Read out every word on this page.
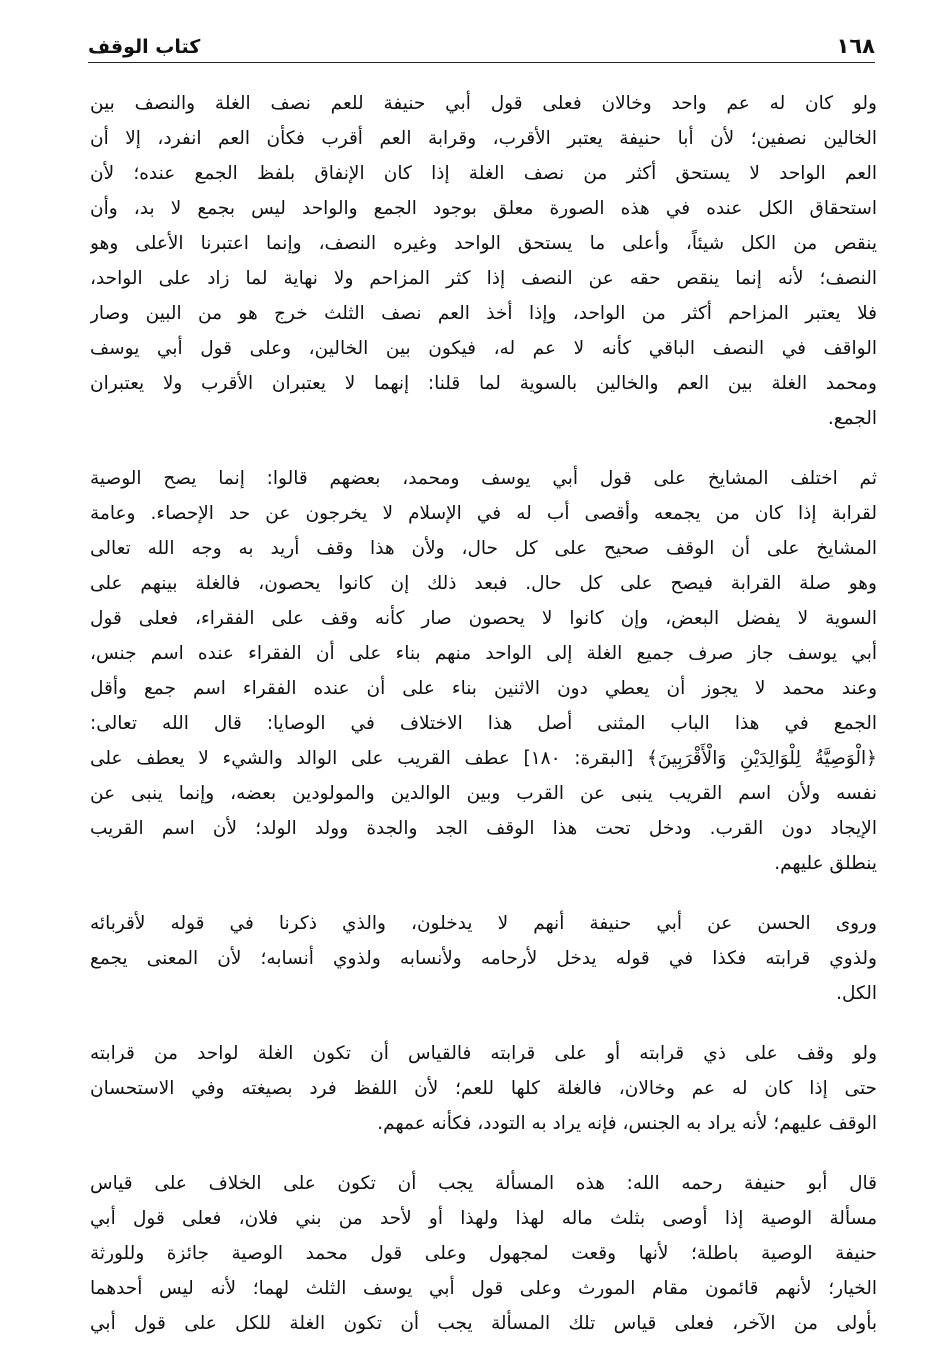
١٦٨
كتاب الوقف
ولو كان له عم واحد وخالان فعلى قول أبي حنيفة للعم نصف الغلة والنصف بين
الخالين نصفين؛ لأن أبا حنيفة يعتبر الأقرب، وقرابة العم أقرب فكأن العم انفرد، إلا أن
العم الواحد لا يستحق أكثر من نصف الغلة إذا كان الإنفاق بلفظ الجمع عنده؛ لأن
استحقاق الكل عنده في هذه الصورة معلق بوجود الجمع والواحد ليس بجمع لا بد، وأن
ينقص من الكل شيئاً، وأعلى ما يستحق الواحد وغيره النصف، وإنما اعتبرنا الأعلى وهو
النصف؛ لأنه إنما ينقص حقه عن النصف إذا كثر المزاحم ولا نهاية لما زاد على الواحد،
فلا يعتبر المزاحم أكثر من الواحد، وإذا أخذ العم نصف الثلث خرج هو من البين وصار
الواقف في النصف الباقي كأنه لا عم له، فيكون بين الخالين، وعلى قول أبي يوسف
ومحمد الغلة بين العم والخالين بالسوية لما قلنا: إنهما لا يعتبران الأقرب ولا يعتبران
الجمع.
ثم اختلف المشايخ على قول أبي يوسف ومحمد، بعضهم قالوا: إنما يصح الوصية
لقرابة إذا كان من يجمعه وأقصى أب له في الإسلام لا يخرجون عن حد الإحصاء. وعامة
المشايخ على أن الوقف صحيح على كل حال، ولأن هذا وقف أريد به وجه الله تعالى
وهو صلة القرابة فيصح على كل حال. فبعد ذلك إن كانوا يحصون، فالغلة بينهم على
السوية لا يفضل البعض، وإن كانوا لا يحصون صار كأنه وقف على الفقراء، فعلى قول
أبي يوسف جاز صرف جميع الغلة إلى الواحد منهم بناء على أن الفقراء عنده اسم جنس،
وعند محمد لا يجوز أن يعطي دون الاثنين بناء على أن عنده الفقراء اسم جمع وأقل
الجمع في هذا الباب المثنى أصل هذا الاختلاف في الوصايا: قال الله تعالى:
﴿الْوَصِيَّةُ لِلْوَالِدَيْنِ وَالْأَقْرَبِينَ﴾ [البقرة: ١٨٠] عطف القريب على الوالد والشيء لا يعطف على
نفسه ولأن اسم القريب ينبى عن القرب وبين الوالدين والمولودين بعضه، وإنما ينبى عن
الإيجاد دون القرب. ودخل تحت هذا الوقف الجد والجدة وولد الولد؛ لأن اسم القريب
ينطلق عليهم.
وروى الحسن عن أبي حنيفة أنهم لا يدخلون، والذي ذكرنا في قوله لأقربائه
ولذوي قرابته فكذا في قوله يدخل لأرحامه ولأنسابه ولذوي أنسابه؛ لأن المعنى يجمع
الكل.
ولو وقف على ذي قرابته أو على قرابته فالقياس أن تكون الغلة لواحد من قرابته
حتى إذا كان له عم وخالان، فالغلة كلها للعم؛ لأن اللفظ فرد بصيغته وفي الاستحسان
الوقف عليهم؛ لأنه يراد به الجنس، فإنه يراد به التودد، فكأنه عمهم.
قال أبو حنيفة رحمه الله: هذه المسألة يجب أن تكون على الخلاف على قياس
مسألة الوصية إذا أوصى بثلث ماله لهذا ولهذا أو لأحد من بني فلان، فعلى قول أبي
حنيفة الوصية باطلة؛ لأنها وقعت لمجهول وعلى قول محمد الوصية جائزة وللورثة
الخيار؛ لأنهم قائمون مقام المورث وعلى قول أبي يوسف الثلث لهما؛ لأنه ليس أحدهما
بأولى من الآخر، فعلى قياس تلك المسألة يجب أن تكون الغلة للكل على قول أبي
